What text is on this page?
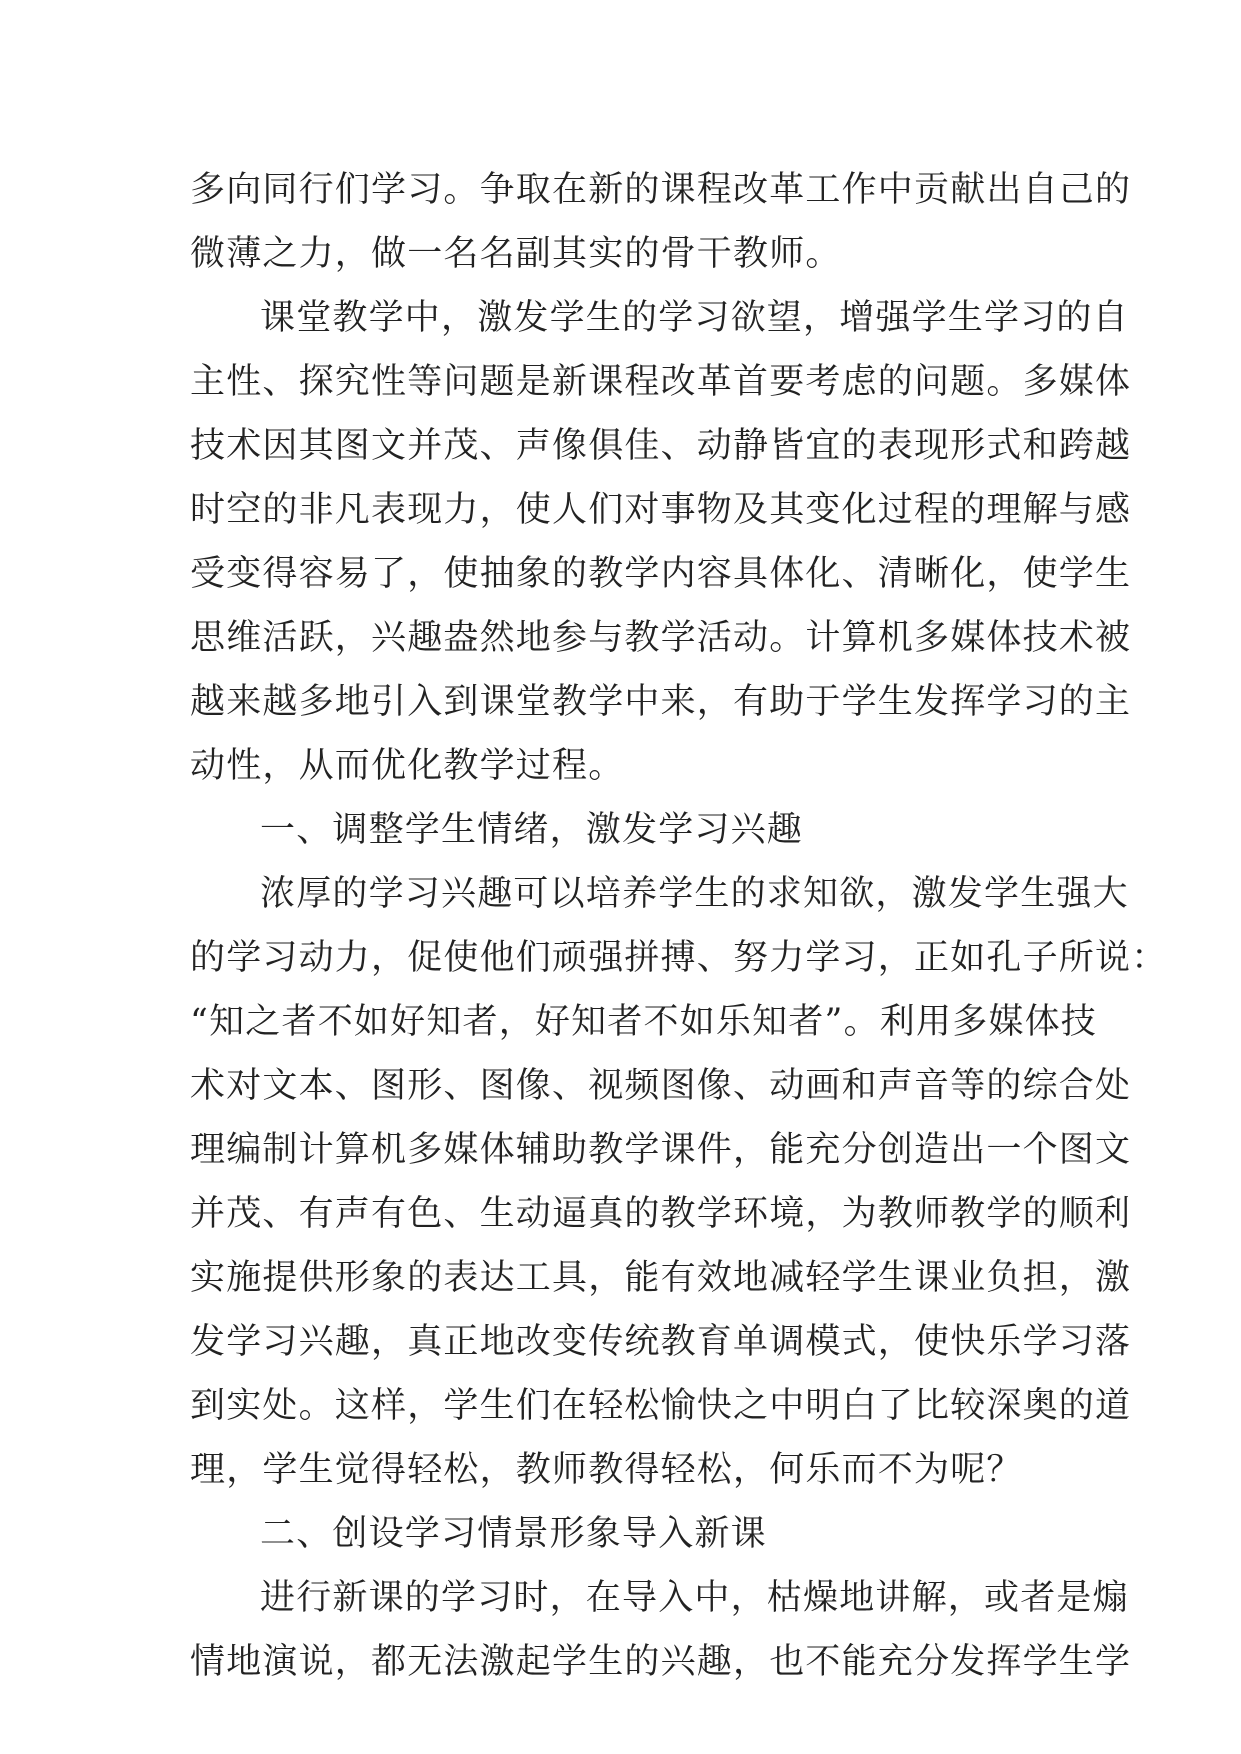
多向同行们学习。争取在新的课程改革工作中贡献出自己的
微薄之力，做一名名副其实的骨干教师。
课堂教学中，激发学生的学习欲望，增强学生学习的自
主性、探究性等问题是新课程改革首要考虑的问题。多媒体
技术因其图文并茂、声像俱佳、动静皆宜的表现形式和跨越
时空的非凡表现力，使人们对事物及其变化过程的理解与感
受变得容易了，使抽象的教学内容具体化、清晰化，使学生
思维活跃，兴趣盎然地参与教学活动。计算机多媒体技术被
越来越多地引入到课堂教学中来，有助于学生发挥学习的主
动性，从而优化教学过程。
一、调整学生情绪，激发学习兴趣
浓厚的学习兴趣可以培养学生的求知欲，激发学生强大
的学习动力，促使他们顽强拼搏、努力学习，正如孔子所说：
“知之者不如好知者，好知者不如乐知者”。利用多媒体技
术对文本、图形、图像、视频图像、动画和声音等的综合处
理编制计算机多媒体辅助教学课件，能充分创造出一个图文
并茂、有声有色、生动逼真的教学环境，为教师教学的顺利
实施提供形象的表达工具，能有效地减轻学生课业负担，激
发学习兴趣，真正地改变传统教育单调模式，使快乐学习落
到实处。这样，学生们在轻松愉快之中明白了比较深奥的道
理，学生觉得轻松，教师教得轻松，何乐而不为呢？
二、创设学习情景形象导入新课
进行新课的学习时，在导入中，枯燥地讲解，或者是煽
情地演说，都无法激起学生的兴趣，也不能充分发挥学生学
